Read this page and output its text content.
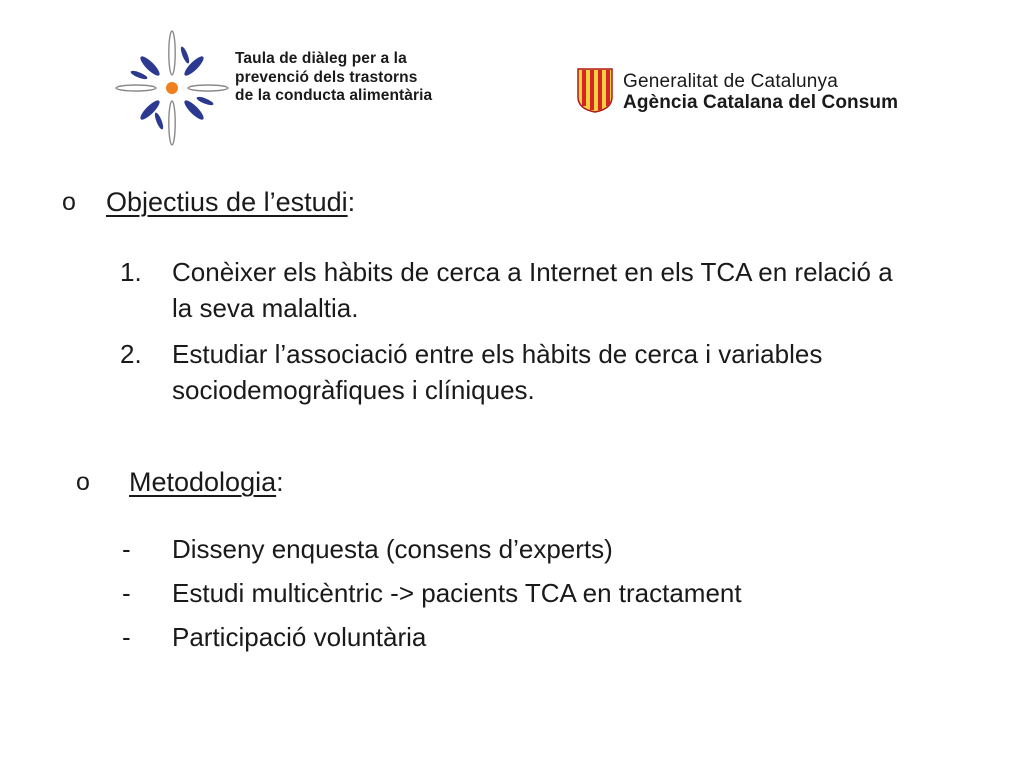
Taula de diàleg per a la
prevenció dels trastorns
de la conducta alimentària
Generalitat de Catalunya
Agència Catalana del Consum
o Objectius de l’estudi:
1. Conèixer els hàbits de cerca a Internet en els TCA en relació a la seva malaltia.
2. Estudiar l’associació entre els hàbits de cerca i variables sociodemogràfiques i clíniques.
o Metodologia:
- Disseny enquesta (consens d’experts)
- Estudi multicèntric -> pacients TCA en tractament
- Participació voluntària
